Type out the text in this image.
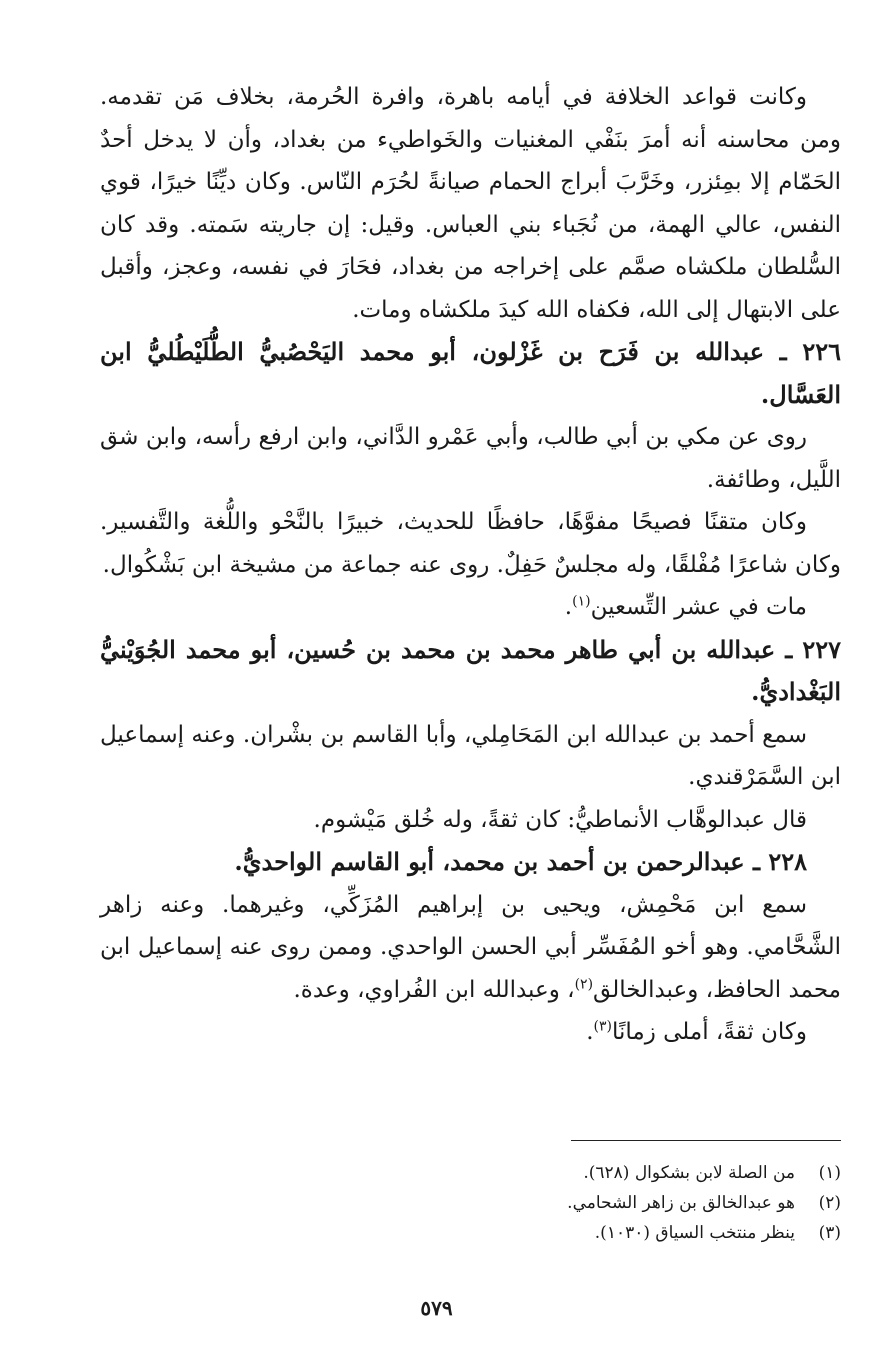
وكانت قواعد الخلافة في أيامه باهرة، وافرة الحُرمة، بخلاف مَن تقدمه. ومن محاسنه أنه أمرَ بنَفْي المغنيات والخَواطيء من بغداد، وأن لا يدخل أحدٌ الحَمّام إلا بمِئزر، وخَرَّبَ أبراج الحمام صيانةً لحُرَم النّاس. وكان ديِّنًا خيرًا، قوي النفس، عالي الهمة، من نُجَباء بني العباس. وقيل: إن جاريته سَمته. وقد كان السُّلطان ملكشاه صمَّم على إخراجه من بغداد، فحَارَ في نفسه، وعجز، وأقبل على الابتهال إلى الله، فكفاه الله كيدَ ملكشاه ومات.

٢٢٦ ـ عبدالله بن فَرَح بن غَزْلون، أبو محمد اليَحْصُبيُّ الطُّلَيْطُليُّ ابن العَسَّال.

روى عن مكي بن أبي طالب، وأبي عَمْرو الدَّاني، وابن ارفع رأسه، وابن شق اللَّيل، وطائفة.

وكان متقنًا فصيحًا مفوَّهًا، حافظًا للحديث، خبيرًا بالنَّحْو واللُّغة والتَّفسير. وكان شاعرًا مُفْلقًا، وله مجلسٌ حَفِلٌ. روى عنه جماعة من مشيخة ابن بَشْكُوال.

مات في عشر التِّسعين$^{(١)}$.

٢٢٧ ـ عبدالله بن أبي طاهر محمد بن محمد بن حُسين، أبو محمد الجُوَيْنيُّ البَغْداديُّ.

سمع أحمد بن عبدالله ابن المَحَامِلي، وأبا القاسم بن بشْران. وعنه إسماعيل ابن السَّمَرْقندي.

قال عبدالوهَّاب الأنماطيُّ: كان ثقةً، وله خُلق مَيْشوم.

٢٢٨ ـ عبدالرحمن بن أحمد بن محمد، أبو القاسم الواحديُّ.

سمع ابن مَحْمِش، ويحيى بن إبراهيم المُزَكِّي، وغيرهما. وعنه زاهر الشَّحَّامي. وهو أخو المُفَسِّر أبي الحسن الواحدي. وممن روى عنه إسماعيل ابن محمد الحافظ، وعبدالخالق$^{(٢)}$، وعبدالله ابن الفُراوي، وعدة.

وكان ثقةً، أملى زمانًا$^{(٣)}$.

(١)من الصلة لابن بشكوال (٦٢٨).
(٢)هو عبدالخالق بن زاهر الشحامي.
(٣)ينظر منتخب السياق (١٠٣٠).
٥٧٩
